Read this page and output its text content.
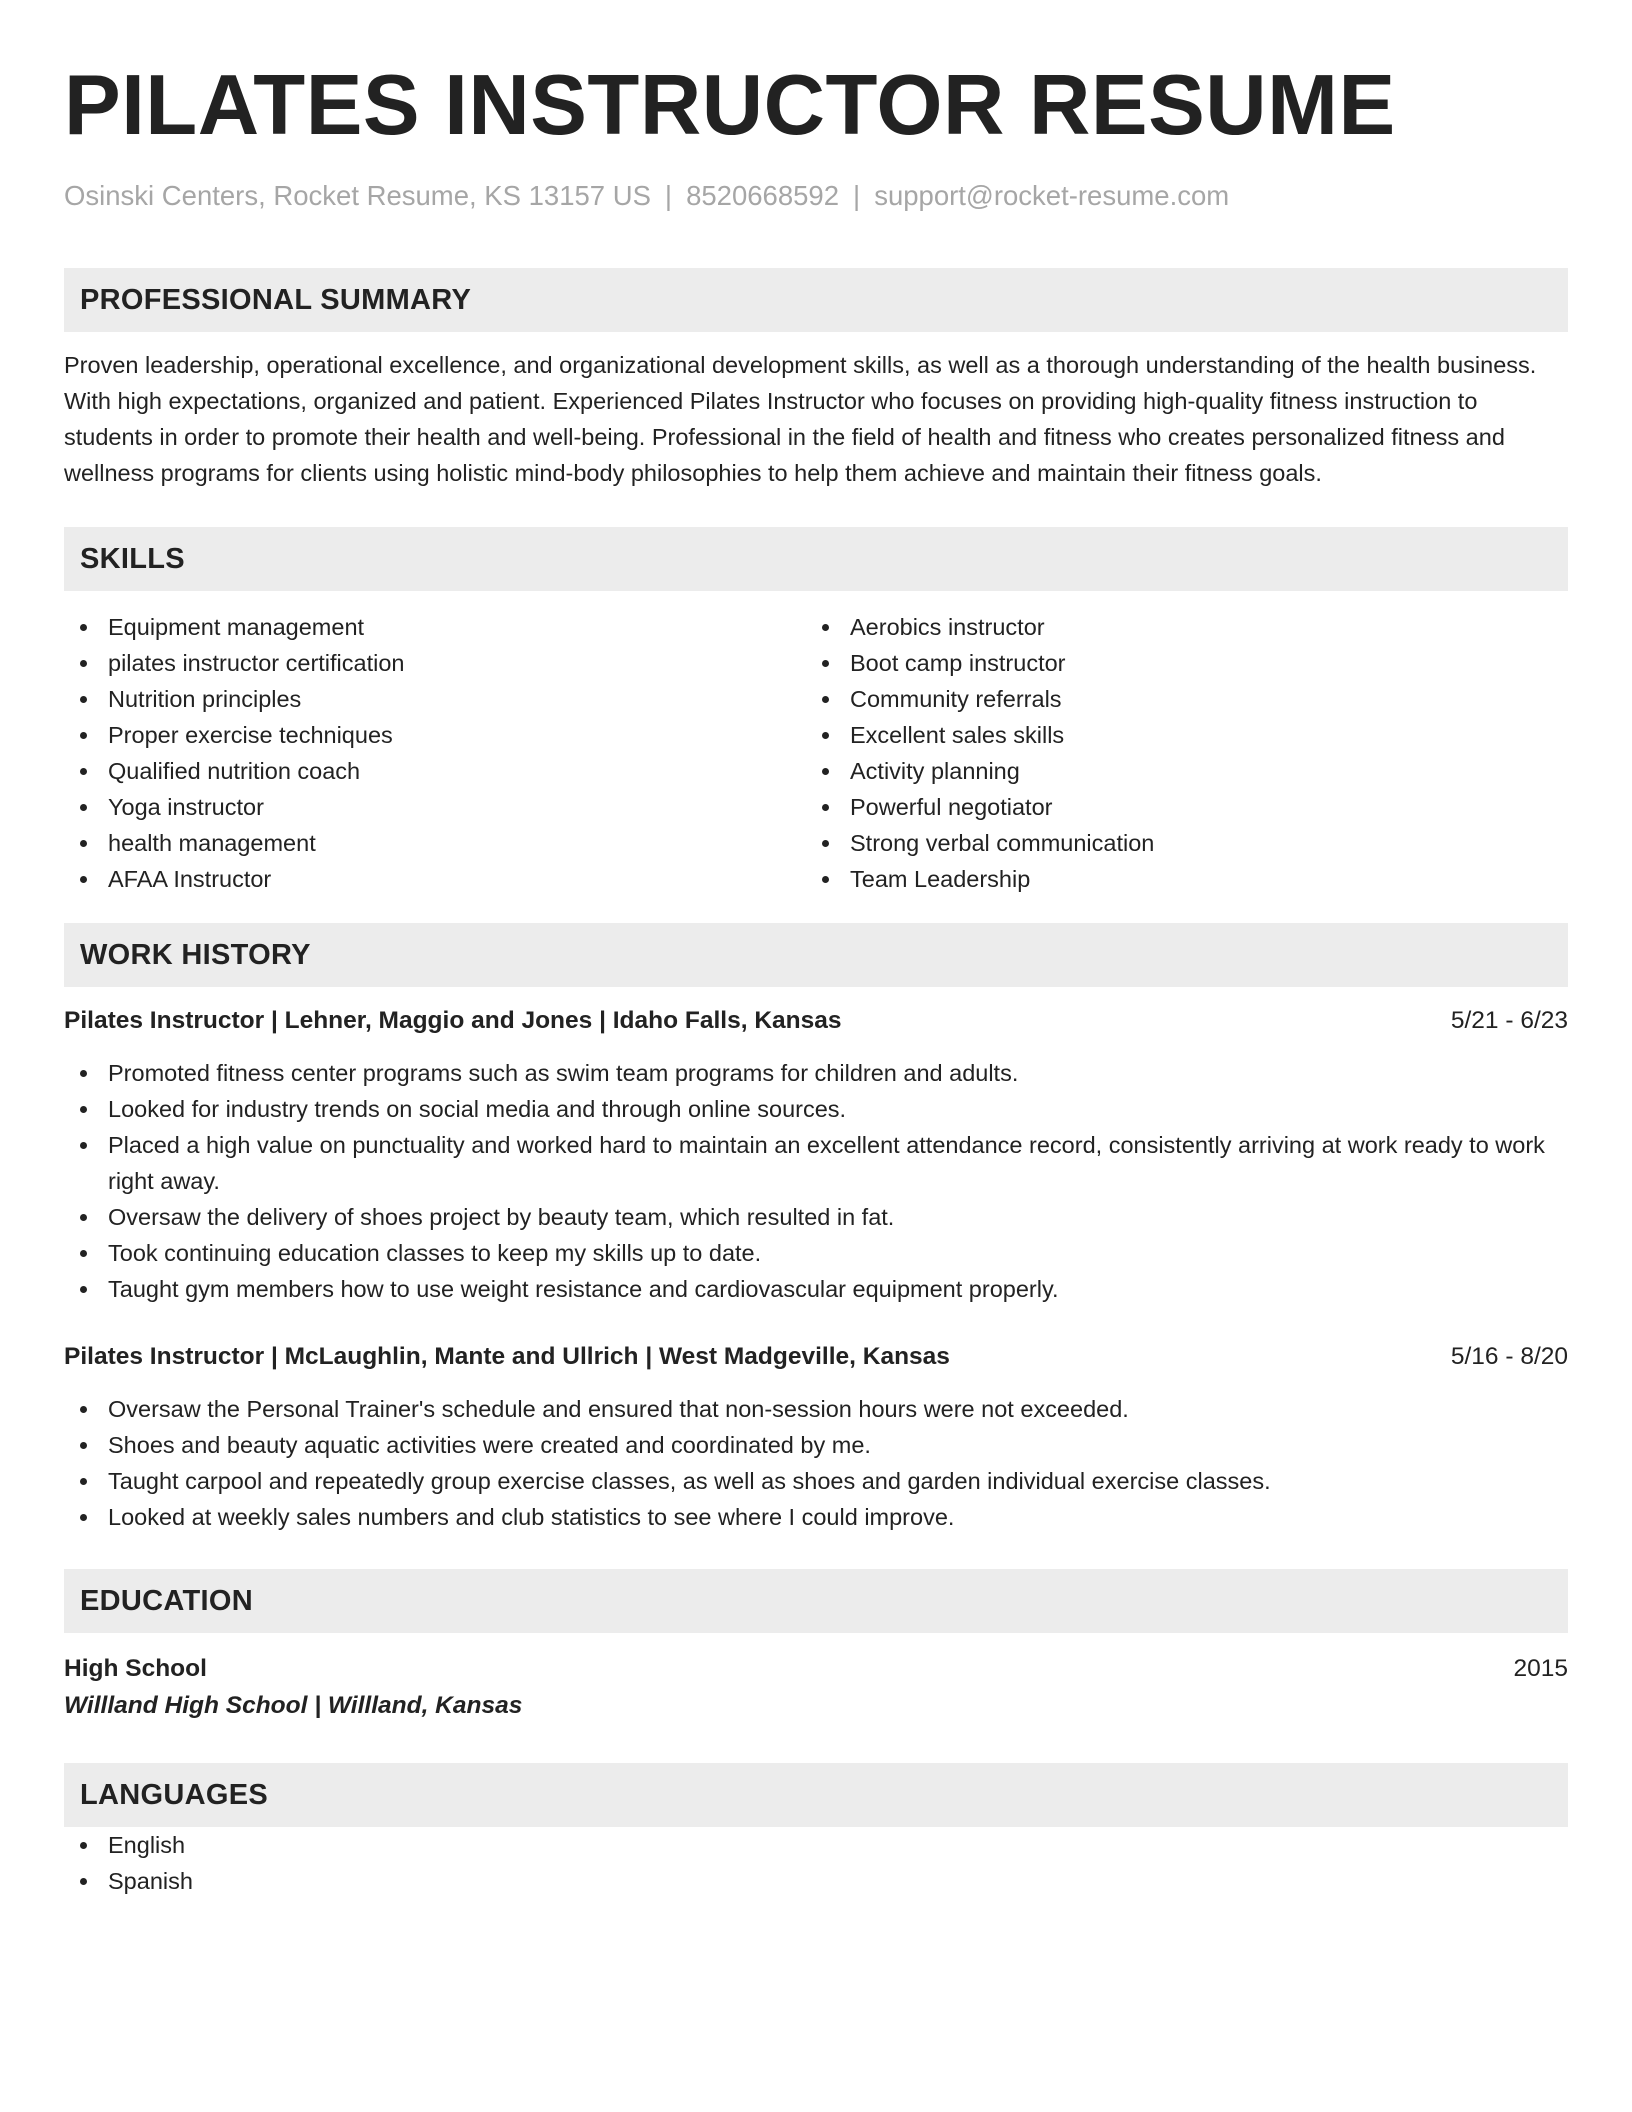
PILATES INSTRUCTOR RESUME
Osinski Centers, Rocket Resume, KS 13157 US | 8520668592 | support@rocket-resume.com
PROFESSIONAL SUMMARY
Proven leadership, operational excellence, and organizational development skills, as well as a thorough understanding of the health business. With high expectations, organized and patient. Experienced Pilates Instructor who focuses on providing high-quality fitness instruction to students in order to promote their health and well-being. Professional in the field of health and fitness who creates personalized fitness and wellness programs for clients using holistic mind-body philosophies to help them achieve and maintain their fitness goals.
SKILLS
Equipment management
pilates instructor certification
Nutrition principles
Proper exercise techniques
Qualified nutrition coach
Yoga instructor
health management
AFAA Instructor
Aerobics instructor
Boot camp instructor
Community referrals
Excellent sales skills
Activity planning
Powerful negotiator
Strong verbal communication
Team Leadership
WORK HISTORY
Pilates Instructor | Lehner, Maggio and Jones | Idaho Falls, Kansas	5/21 - 6/23
Promoted fitness center programs such as swim team programs for children and adults.
Looked for industry trends on social media and through online sources.
Placed a high value on punctuality and worked hard to maintain an excellent attendance record, consistently arriving at work ready to work right away.
Oversaw the delivery of shoes project by beauty team, which resulted in fat.
Took continuing education classes to keep my skills up to date.
Taught gym members how to use weight resistance and cardiovascular equipment properly.
Pilates Instructor | McLaughlin, Mante and Ullrich | West Madgeville, Kansas	5/16 - 8/20
Oversaw the Personal Trainer's schedule and ensured that non-session hours were not exceeded.
Shoes and beauty aquatic activities were created and coordinated by me.
Taught carpool and repeatedly group exercise classes, as well as shoes and garden individual exercise classes.
Looked at weekly sales numbers and club statistics to see where I could improve.
EDUCATION
High School	2015
Willland High School | Willland, Kansas
LANGUAGES
English
Spanish
